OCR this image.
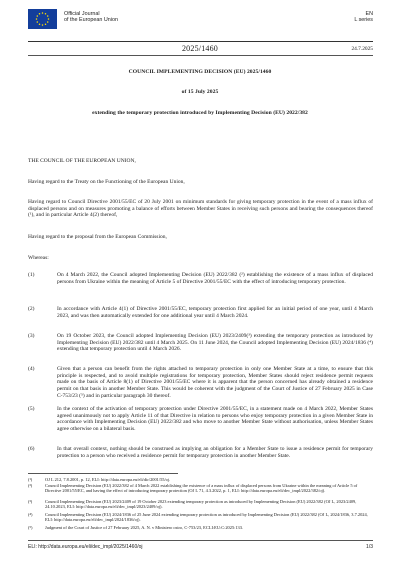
Official Journal
of the European Union
EN
L series
2025/1460	24.7.2025
COUNCIL IMPLEMENTING DECISION (EU) 2025/1460
of 15 July 2025
extending the temporary protection introduced by Implementing Decision (EU) 2022/382
THE COUNCIL OF THE EUROPEAN UNION,
Having regard to the Treaty on the Functioning of the European Union,
Having regard to Council Directive 2001/55/EC of 20 July 2001 on minimum standards for giving temporary protection in the event of a mass influx of displaced persons and on measures promoting a balance of efforts between Member States in receiving such persons and bearing the consequences thereof (¹), and in particular Article 4(2) thereof,
Having regard to the proposal from the European Commission,
Whereas:
(1)	On 4 March 2022, the Council adopted Implementing Decision (EU) 2022/382 (²) establishing the existence of a mass influx of displaced persons from Ukraine within the meaning of Article 5 of Directive 2001/55/EC with the effect of introducing temporary protection.
(2)	In accordance with Article 4(1) of Directive 2001/55/EC, temporary protection first applied for an initial period of one year, until 4 March 2023, and was then automatically extended for one additional year until 4 March 2024.
(3)	On 19 October 2023, the Council adopted Implementing Decision (EU) 2023/2409(³) extending the temporary protection as introduced by Implementing Decision (EU) 2022/382 until 4 March 2025. On 11 June 2024, the Council adopted Implementing Decision (EU) 2024/1836 (⁴) extending that temporary protection until 4 March 2026.
(4)	Given that a person can benefit from the rights attached to temporary protection in only one Member State at a time, to ensure that this principle is respected, and to avoid multiple registrations for temporary protection, Member States should reject residence permit requests made on the basis of Article 8(1) of Directive 2001/55/EC where it is apparent that the person concerned has already obtained a residence permit on that basis in another Member State. This would be coherent with the judgment of the Court of Justice of 27 February 2025 in Case C-753/23 (⁵) and in particular paragraph 30 thereof.
(5)	In the context of the activation of temporary protection under Directive 2001/55/EC, in a statement made on 4 March 2022, Member States agreed unanimously not to apply Article 11 of that Directive in relation to persons who enjoy temporary protection in a given Member State in accordance with Implementing Decision (EU) 2022/382 and who move to another Member State without authorisation, unless Member States agree otherwise on a bilateral basis.
(6)	In that overall context, nothing should be construed as implying an obligation for a Member State to issue a residence permit for temporary protection to a person who received a residence permit for temporary protection in another Member State.
(¹)	OJ L 212, 7.8.2001, p. 12, ELI: http://data.europa.eu/eli/dir/2001/55/oj.
(²)	Council Implementing Decision (EU) 2022/382 of 4 March 2022 establishing the existence of a mass influx of displaced persons from Ukraine within the meaning of Article 5 of Directive 2001/55/EC, and having the effect of introducing temporary protection (OJ L 71, 4.3.2022, p. 1, ELI: http://data.europa.eu/eli/dec_impl/2022/382/oj).
(³)	Council Implementing Decision (EU) 2023/2409 of 19 October 2023 extending temporary protection as introduced by Implementing Decision (EU) 2022/382 (OJ L, 2023/2409, 24.10.2023, ELI: http://data.europa.eu/eli/dec_impl/2023/2409/oj).
(⁴)	Council Implementing Decision (EU) 2024/1836 of 25 June 2024 extending temporary protection as introduced by Implementing Decision (EU) 2022/382 (OJ L, 2024/1836, 3.7.2024, ELI: http://data.europa.eu/eli/dec_impl/2024/1836/oj).
(⁵)	Judgment of the Court of Justice of 27 February 2025, A. N. v Ministero ostro, C-753/23, ECLI:EU:C:2025:133.
ELI: http://data.europa.eu/eli/dec_impl/2025/1460/oj	1/3
